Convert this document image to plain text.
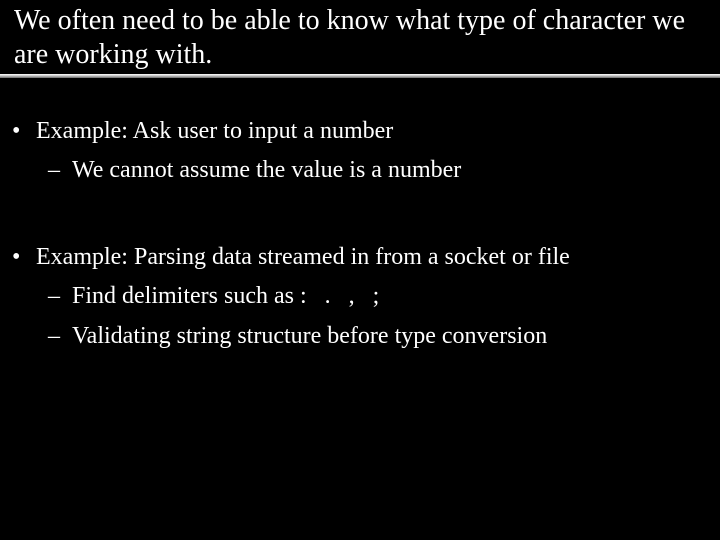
We often need to be able to know what type of character we are working with.

• Example: Ask user to input a number

– We cannot assume the value is a number

• Example: Parsing data streamed in from a socket or file

– Find delimiters such as :   .   ,   ;

– Validating string structure before type conversion
